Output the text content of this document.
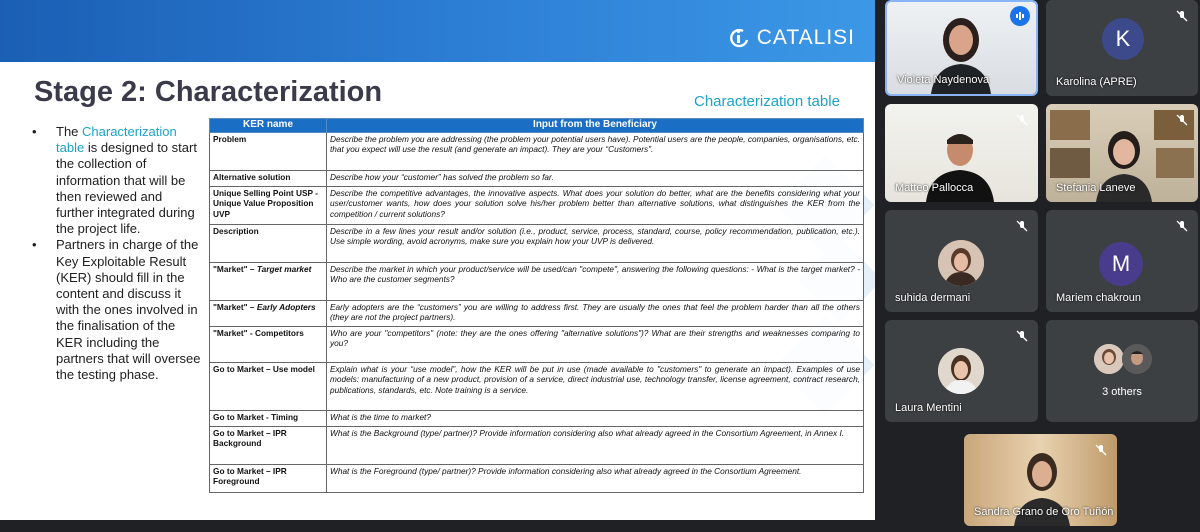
CATALISI
Stage 2: Characterization	Characterization table
• The Characterization table is designed to start the collection of information that will be then reviewed and further integrated during the project life.
• Partners in charge of the Key Exploitable Result (KER) should fill in the content and discuss it with the ones involved in the finalisation of the KER including the partners that will oversee the testing phase.
KER name	Input from the Beneficiary
Problem	Describe the problem you are addressing (the problem your potential users have). Potential users are the people, companies, organisations, etc. that you expect will use the result (and generate an impact). They are your “Customers”.
Alternative solution	Describe how your “customer” has solved the problem so far.
Unique Selling Point USP - Unique Value Proposition UVP	Describe the competitive advantages, the innovative aspects. What does your solution do better, what are the benefits considering what your user/customer wants, how does your solution solve his/her problem better than alternative solutions, what distinguishes the KER from the competition / current solutions?
Description	Describe in a few lines your result and/or solution (i.e., product, service, process, standard, course, policy recommendation, publication, etc.). Use simple wording, avoid acronyms, make sure you explain how your UVP is delivered.
"Market" – Target market	Describe the market in which your product/service will be used/can "compete", answering the following questions: - What is the target market? - Who are the customer segments?
"Market" – Early Adopters	Early adopters are the “customers” you are willing to address first. They are usually the ones that feel the problem harder than all the others (they are not the project partners).
"Market" - Competitors	Who are your "competitors" (note: they are the ones offering "alternative solutions")? What are their strengths and weaknesses comparing to you?
Go to Market – Use model	Explain what is your “use model”, how the KER will be put in use (made available to "customers" to generate an impact). Examples of use models: manufacturing of a new product, provision of a service, direct industrial use, technology transfer, license agreement, contract research, publications, standards, etc. Note training is a service.
Go to Market - Timing	What is the time to market?
Go to Market – IPR Background	What is the Background (type/ partner)? Provide information considering also what already agreed in the Consortium Agreement, in Annex I.
Go to Market – IPR Foreground	What is the Foreground (type/ partner)? Provide information considering also what already agreed in the Consortium Agreement.
Violeta Naydenova
K
Karolina (APRE)
Matteo Pallocca	Stefania Laneve
suhida dermani
M
Mariem chakroun
Laura Mentini
3 others
Sandra Grano de Oro Tuñón
